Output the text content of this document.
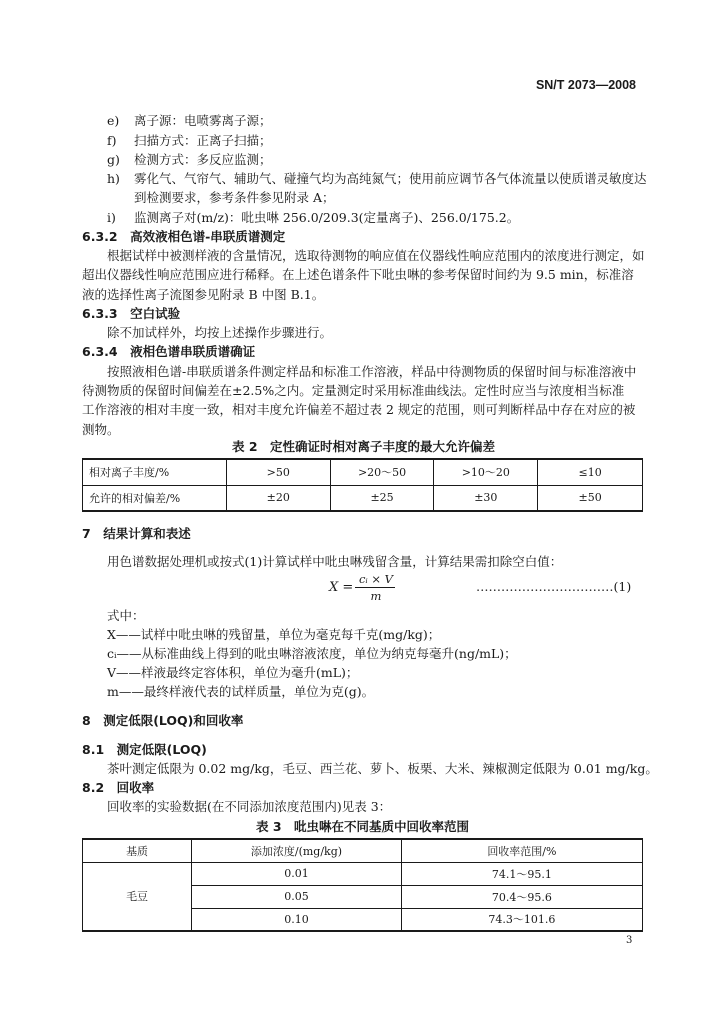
SN/T 2073—2008
e) 离子源：电喷雾离子源；
f) 扫描方式：正离子扫描；
g) 检测方式：多反应监测；
h) 雾化气、气帘气、辅助气、碰撞气均为高纯氮气；使用前应调节各气体流量以使质谱灵敏度达
到检测要求，参考条件参见附录 A；
i) 监测离子对(m/z)：吡虫啉 256.0/209.3(定量离子)、256.0/175.2。
6.3.2　高效液相色谱-串联质谱测定
根据试样中被测样液的含量情况，选取待测物的响应值在仪器线性响应范围内的浓度进行测定，如
超出仪器线性响应范围应进行稀释。在上述色谱条件下吡虫啉的参考保留时间约为 9.5 min，标准溶
液的选择性离子流图参见附录 B 中图 B.1。
6.3.3　空白试验
除不加试样外，均按上述操作步骤进行。
6.3.4　液相色谱串联质谱确证
按照液相色谱-串联质谱条件测定样品和标准工作溶液，样品中待测物质的保留时间与标准溶液中
待测物质的保留时间偏差在±2.5%之内。定量测定时采用标准曲线法。定性时应当与浓度相当标准
工作溶液的相对丰度一致，相对丰度允许偏差不超过表 2 规定的范围，则可判断样品中存在对应的被
测物。
表 2　定性确证时相对离子丰度的最大允许偏差
相对离子丰度/%	>50	>20～50	>10～20	≤10
允许的相对偏差/%	±20	±25	±30	±50
7　结果计算和表述
用色谱数据处理机或按式(1)计算试样中吡虫啉残留含量，计算结果需扣除空白值：
X =
cᵢ × V
m
……………………………(1)
式中：
X——试样中吡虫啉的残留量，单位为毫克每千克(mg/kg)；
cᵢ——从标准曲线上得到的吡虫啉溶液浓度，单位为纳克每毫升(ng/mL)；
V——样液最终定容体积，单位为毫升(mL)；
m——最终样液代表的试样质量，单位为克(g)。
8　测定低限(LOQ)和回收率
8.1　测定低限(LOQ)
茶叶测定低限为 0.02 mg/kg，毛豆、西兰花、萝卜、板栗、大米、辣椒测定低限为 0.01 mg/kg。
8.2　回收率
回收率的实验数据(在不同添加浓度范围内)见表 3：
表 3　吡虫啉在不同基质中回收率范围
基质	添加浓度/(mg/kg)	回收率范围/%
毛豆	0.01	74.1～95.1
	0.05	70.4～95.6
	0.10	74.3～101.6
3
